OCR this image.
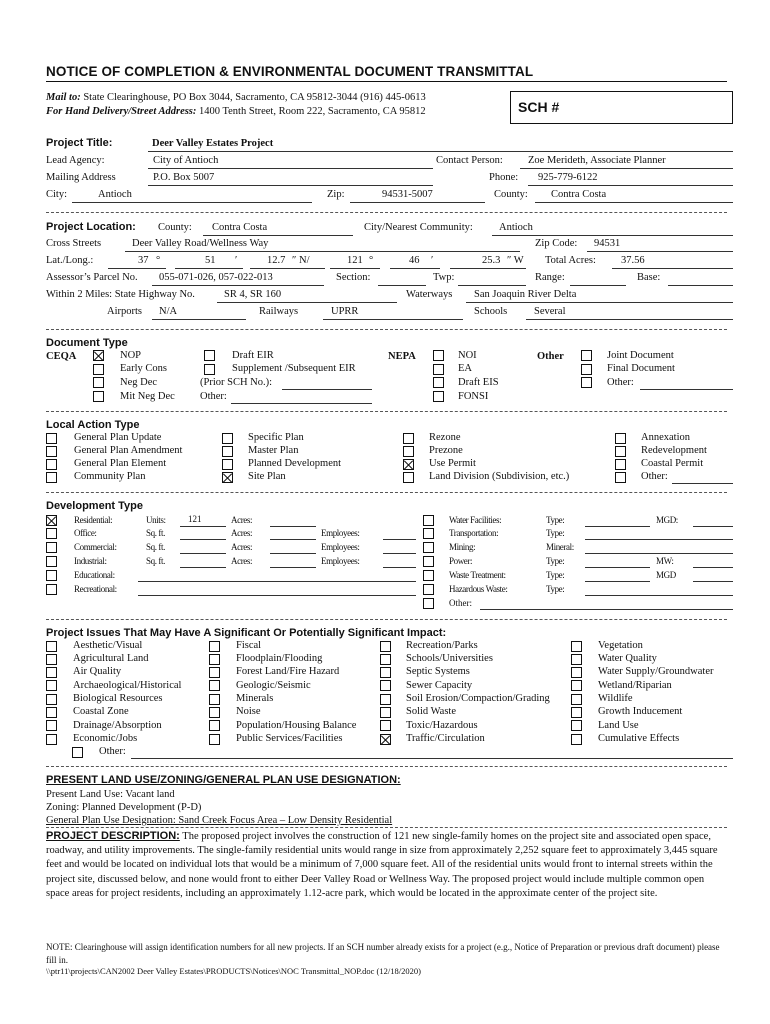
NOTICE OF COMPLETION & ENVIRONMENTAL DOCUMENT TRANSMITTAL
Mail to: State Clearinghouse, PO Box 3044, Sacramento, CA 95812-3044 (916) 445-0613
For Hand Delivery/Street Address: 1400 Tenth Street, Room 222, Sacramento, CA 95812	SCH #
Project Title:	Deer Valley Estates Project
Lead Agency:	City of Antioch	Contact Person: Zoe Merideth, Associate Planner
Mailing Address	P.O. Box 5007	Phone: 925-779-6122
City:	Antioch	Zip:	94531-5007	County: Contra Costa
Project Location: County: Contra Costa	City/Nearest Community: Antioch
Cross Streets	Deer Valley Road/Wellness Way	Zip Code: 94531
Lat./Long.:	37 °	51 ′	12.7 ″ N/	121 °	46 ′	25.3 ″ W Total Acres: 37.56
Assessor’s Parcel No. 055-071-026, 057-022-013	Section:	Twp:	Range:	Base:
Within 2 Miles: State Highway No.	SR 4, SR 160	Waterways San Joaquin River Delta
Airports N/A	Railways	UPRR	Schools	Several
Document Type
CEQA	NOP
Early Cons
Neg Dec
Mit Neg Dec
Draft EIR
Supplement /Subsequent EIR
(Prior SCH No.):
Other:
NEPA	NOI
EA
Draft EIS
FONSI
Other	Joint Document
Final Document
Other:
Local Action Type
General Plan Update
General Plan Amendment
General Plan Element
Community Plan
Specific Plan
Master Plan
Planned Development
Site Plan
Rezone
Prezone
Use Permit
Land Division (Subdivision, etc.)
Annexation
Redevelopment
Coastal Permit
Other:
Development Type
Residential:	Units: 121	Acres:
Office:	Sq. ft.	Acres:	Employees:
Commercial:	Sq. ft.	Acres:	Employees:
Industrial:	Sq. ft.	Acres:	Employees:
Educational:
Recreational:
Water Facilities:	Type:	MGD:
Transportation:	Type:
Mining:	Mineral:
Power:	Type:	MW:
Waste Treatment:	Type:	MGD
Hazardous Waste:	Type:
Other:
Project Issues That May Have A Significant Or Potentially Significant Impact:
Aesthetic/Visual
Agricultural Land
Air Quality
Archaeological/Historical
Biological Resources
Coastal Zone
Drainage/Absorption
Economic/Jobs
Other:
Fiscal
Floodplain/Flooding
Forest Land/Fire Hazard
Geologic/Seismic
Minerals
Noise
Population/Housing Balance
Public Services/Facilities
Recreation/Parks
Schools/Universities
Septic Systems
Sewer Capacity
Soil Erosion/Compaction/Grading
Solid Waste
Toxic/Hazardous
Traffic/Circulation
Vegetation
Water Quality
Water Supply/Groundwater
Wetland/Riparian
Wildlife
Growth Inducement
Land Use
Cumulative Effects
PRESENT LAND USE/ZONING/GENERAL PLAN USE DESIGNATION:
Present Land Use: Vacant land
Zoning: Planned Development (P-D)
General Plan Use Designation: Sand Creek Focus Area – Low Density Residential
PROJECT DESCRIPTION: The proposed project involves the construction of 121 new single-family homes on the project site and associated open space, roadway, and utility improvements. The single-family residential units would range in size from approximately 2,252 square feet to approximately 3,445 square feet and would be located on individual lots that would be a minimum of 7,000 square feet. All of the residential units would front to internal streets within the project site, discussed below, and none would front to either Deer Valley Road or Wellness Way. The proposed project would include multiple common open space areas for project residents, including an approximately 1.12-acre park, which would be located in the approximate center of the project site.
NOTE: Clearinghouse will assign identification numbers for all new projects. If an SCH number already exists for a project (e.g., Notice of Preparation or previous draft document) please fill in.
\\ptr11\projects\CAN2002 Deer Valley Estates\PRODUCTS\Notices\NOC Transmittal_NOP.doc (12/18/2020)
